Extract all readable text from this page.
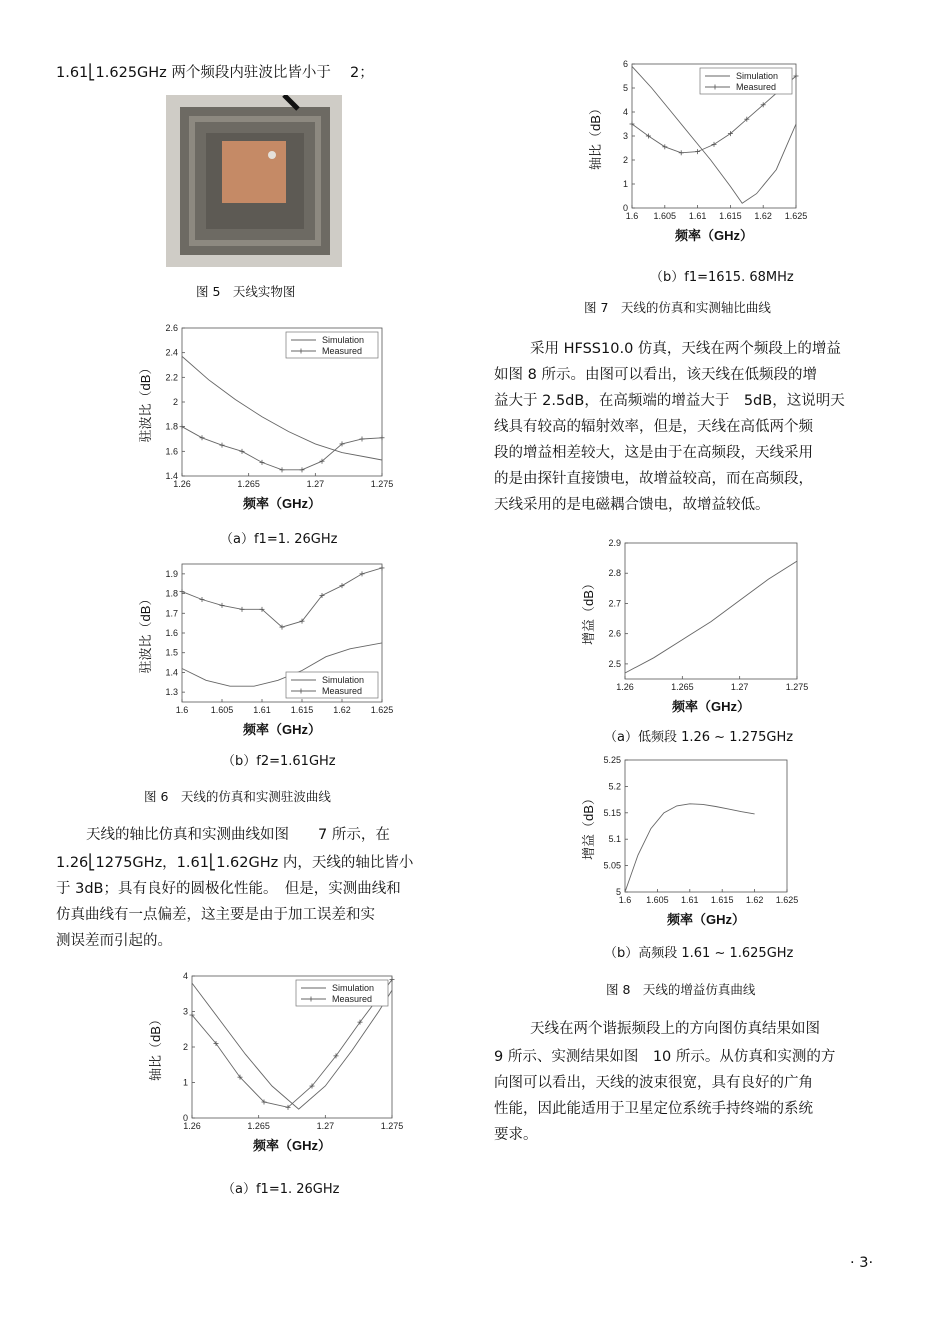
1.61⎣1.625GHz 两个频段内驻波比皆小于　 2；
图 5　天线实物图
1.26	1.265	1.27	1.275
1.4
1.6
1.8
2
2.2
2.4
2.6
频率（GHz）
驻波比（dB）
Simulation
Measured
（a）f1=1. 26GHz
1.6 1.605 1.61 1.615 1.62 1.625
1.3
1.4
1.5
1.6
1.7
1.8
1.9
频率（GHz）
驻波比（dB）
Simulation
Measured
（b）f2=1.61GHz
图 6　天线的仿真和实测驻波曲线
天线的轴比仿真和实测曲线如图　　7 所示，在
1.26⎣1275GHz，1.61⎣1.62GHz 内，天线的轴比皆小
于 3dB；具有良好的圆极化性能。　但是，实测曲线和
仿真曲线有一点偏差，这主要是由于加工误差和实
测误差而引起的。
1.26	1.265	1.27	1.275
0
1
2
3
4
频率（GHz）
轴比（dB）
Simulation
Measured
（a）f1=1. 26GHz
1.6 1.605 1.61 1.615 1.62 1.625
0
1
2
3
4
5
6
频率（GHz）
轴比（dB）
Simulation
Measured
（b）f1=1615. 68MHz
图 7　天线的仿真和实测轴比曲线
采用 HFSS10.0 仿真，天线在两个频段上的增益
如图 8 所示。由图可以看出，该天线在低频段的增
益大于 2.5dB，在高频端的增益大于　5dB，这说明天
线具有较高的辐射效率，但是，天线在高低两个频
段的增益相差较大，这是由于在高频段，天线采用
的是由探针直接馈电，故增益较高，而在高频段，
天线采用的是电磁耦合馈电，故增益较低。
1.26	1.265	1.27	1.275
2.5
2.6
2.7
2.8
2.9
频率（GHz）
增益（dB）
（a）低频段 1.26 ~ 1.275GHz
1.6 1.605 1.61 1.615 1.62 1.625
5
5.05
5.1
5.15
5.2
5.25
频率（GHz）
增益（dB）
（b）高频段 1.61 ~ 1.625GHz
图 8　天线的增益仿真曲线
天线在两个谐振频段上的方向图仿真结果如图
9 所示、实测结果如图　10 所示。从仿真和实测的方
向图可以看出，天线的波束很宽，具有良好的广角
性能，因此能适用于卫星定位系统手持终端的系统
要求。
· 3·
